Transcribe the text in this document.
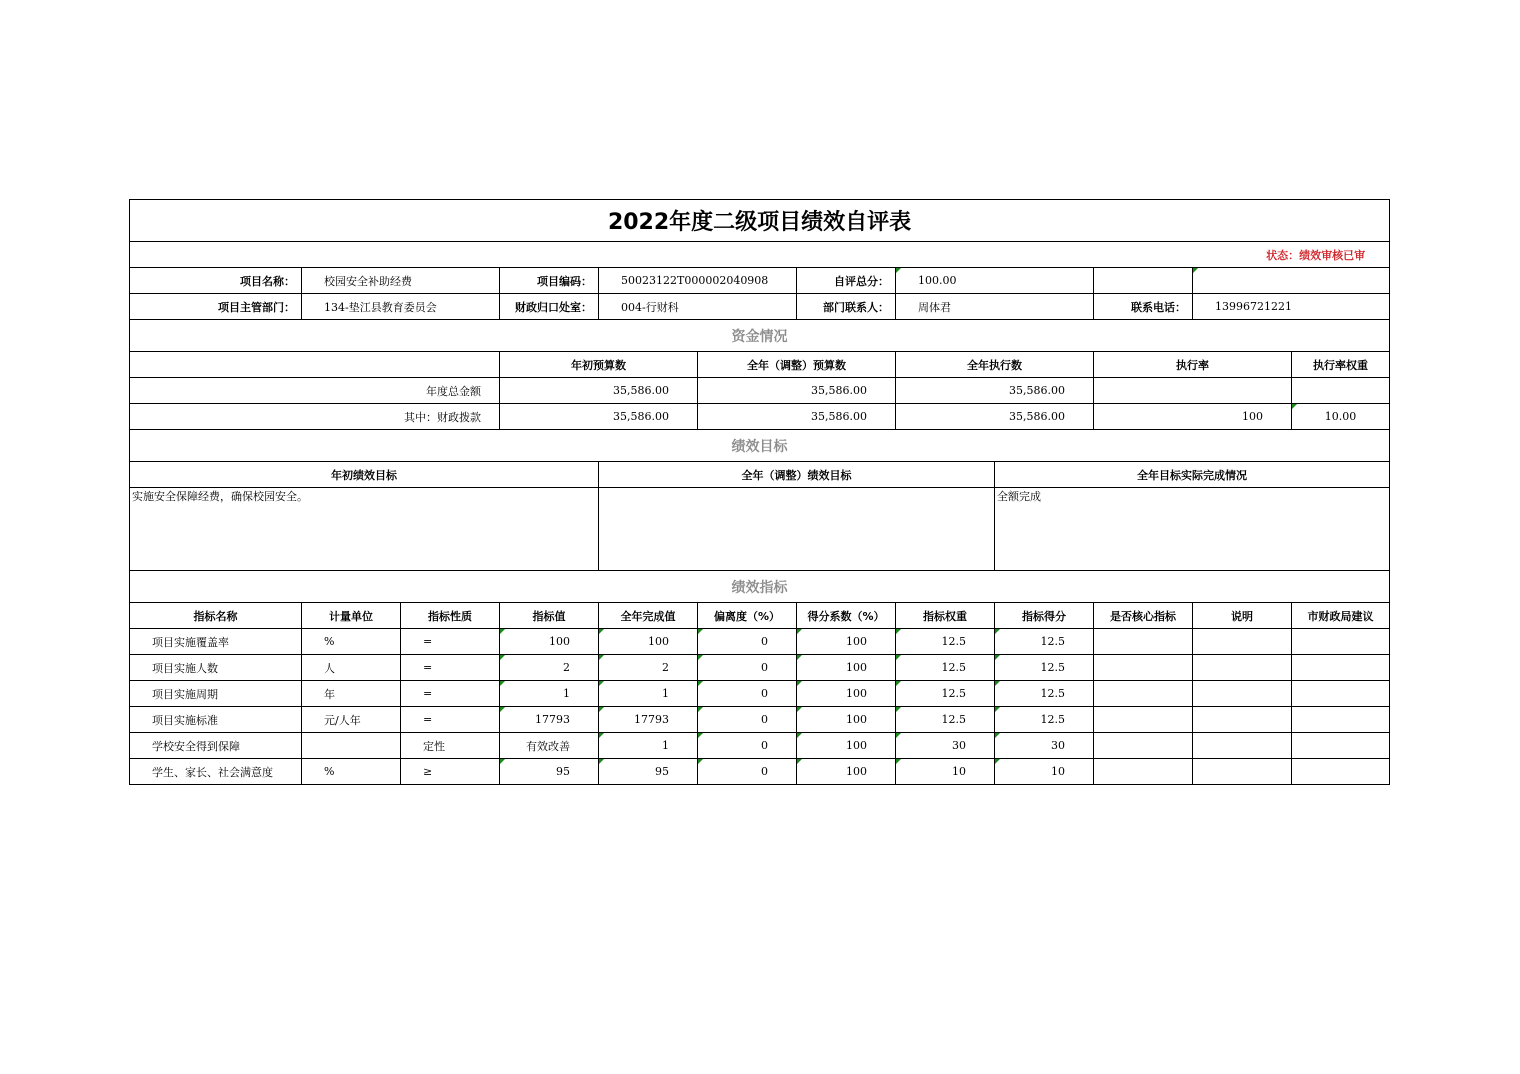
2022年度二级项目绩效自评表												
状态：绩效审核已审												
项目名称：	校园安全补助经费		项目编码：	50023122T000002040908		自评总分：	100.00					
项目主管部门：	134-垫江县教育委员会		财政归口处室：	004-行财科		部门联系人：	周体君		联系电话：	13996721221		
资金情况												
			年初预算数		全年（调整）预算数		全年执行数		执行率		执行率权重	
年度总金额			35,586.00		35,586.00		35,586.00					
其中：财政拨款			35,586.00		35,586.00		35,586.00		100		10.00	
绩效目标												
年初绩效目标				全年（调整）绩效目标				全年目标实际完成情况				
实施安全保障经费，确保校园安全。								全额完成				
绩效指标												
指标名称	计量单位	指标性质	指标值	全年完成值	偏离度（%）	得分系数（%）	指标权重	指标得分	是否核心指标	说明	市财政局建议	
项目实施覆盖率	%	=	100	100	0	100	12.5	12.5				
项目实施人数	人	=	2	2	0	100	12.5	12.5				
项目实施周期	年	=	1	1	0	100	12.5	12.5				
项目实施标准	元/人年	=	17793	17793	0	100	12.5	12.5				
学校安全得到保障		定性	有效改善	1	0	100	30	30				
学生、家长、社会满意度	%	≥	95	95	0	100	10	10				
